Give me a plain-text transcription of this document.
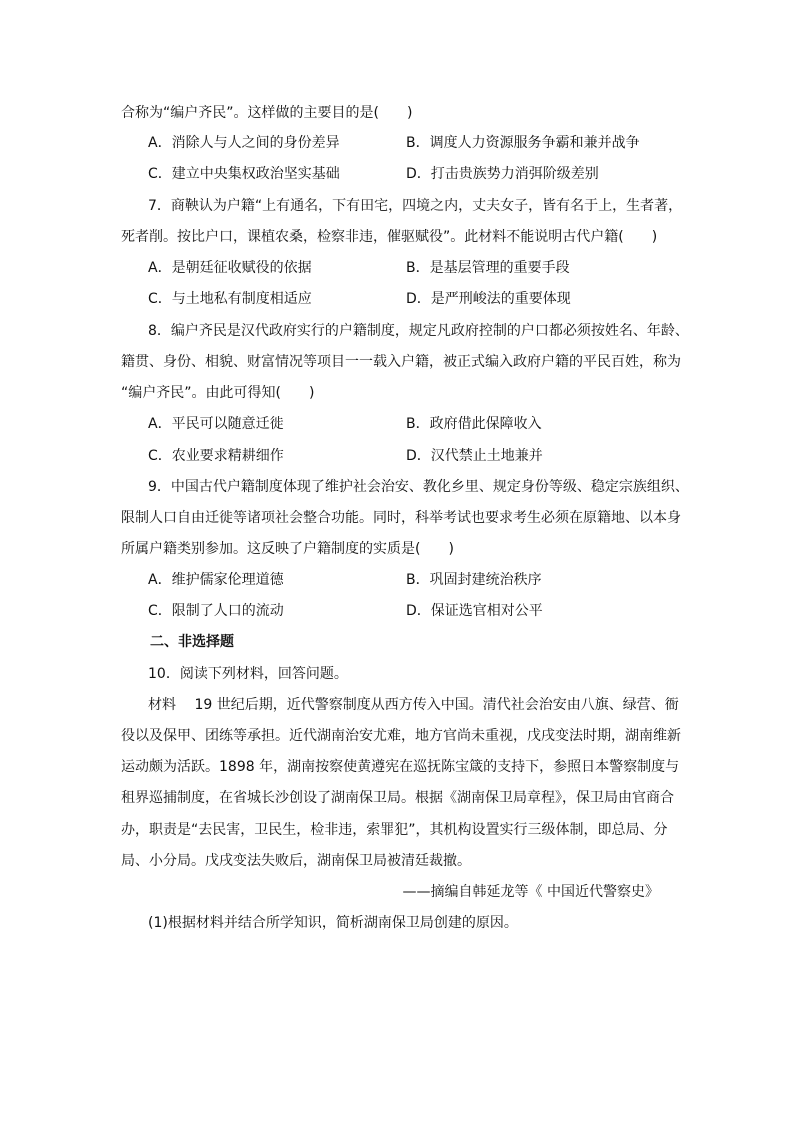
合称为“编户齐民”。这样做的主要目的是(　　)
A．消除人与人之间的身份差异	B．调度人力资源服务争霸和兼并战争
C．建立中央集权政治坚实基础	D．打击贵族势力消弭阶级差别
7．商鞅认为户籍“上有通名，下有田宅，四境之内，丈夫女子，皆有名于上，生者著，
死者削。按比户口，课植农桑，检察非违，催驱赋役”。此材料不能说明古代户籍(　　)
A．是朝廷征收赋役的依据	B．是基层管理的重要手段
C．与土地私有制度相适应	D．是严刑峻法的重要体现
8．编户齐民是汉代政府实行的户籍制度，规定凡政府控制的户口都必须按姓名、年龄、
籍贯、身份、相貌、财富情况等项目一一载入户籍，被正式编入政府户籍的平民百姓，称为
“编户齐民”。由此可得知(　　)
A．平民可以随意迁徙	B．政府借此保障收入
C．农业要求精耕细作	D．汉代禁止土地兼并
9．中国古代户籍制度体现了维护社会治安、教化乡里、规定身份等级、稳定宗族组织、
限制人口自由迁徙等诸项社会整合功能。同时，科举考试也要求考生必须在原籍地、以本身
所属户籍类别参加。这反映了户籍制度的实质是(　　)
A．维护儒家伦理道德	B．巩固封建统治秩序
C．限制了人口的流动	D．保证选官相对公平
二、非选择题
10．阅读下列材料，回答问题。
材料　 19 世纪后期，近代警察制度从西方传入中国。清代社会治安由八旗、绿营、衙
役以及保甲、团练等承担。近代湖南治安尤难，地方官尚未重视，戊戌变法时期，湖南维新
运动颇为活跃。1898 年，湖南按察使黄遵宪在巡抚陈宝箴的支持下，参照日本警察制度与
租界巡捕制度，在省城长沙创设了湖南保卫局。根据《湖南保卫局章程》，保卫局由官商合
办，职责是“去民害，卫民生，检非违，索罪犯”，其机构设置实行三级体制，即总局、分
局、小分局。戊戌变法失败后，湖南保卫局被清廷裁撤。
——摘编自韩延龙等《 中国近代警察史》
(1)根据材料并结合所学知识，简析湖南保卫局创建的原因。
